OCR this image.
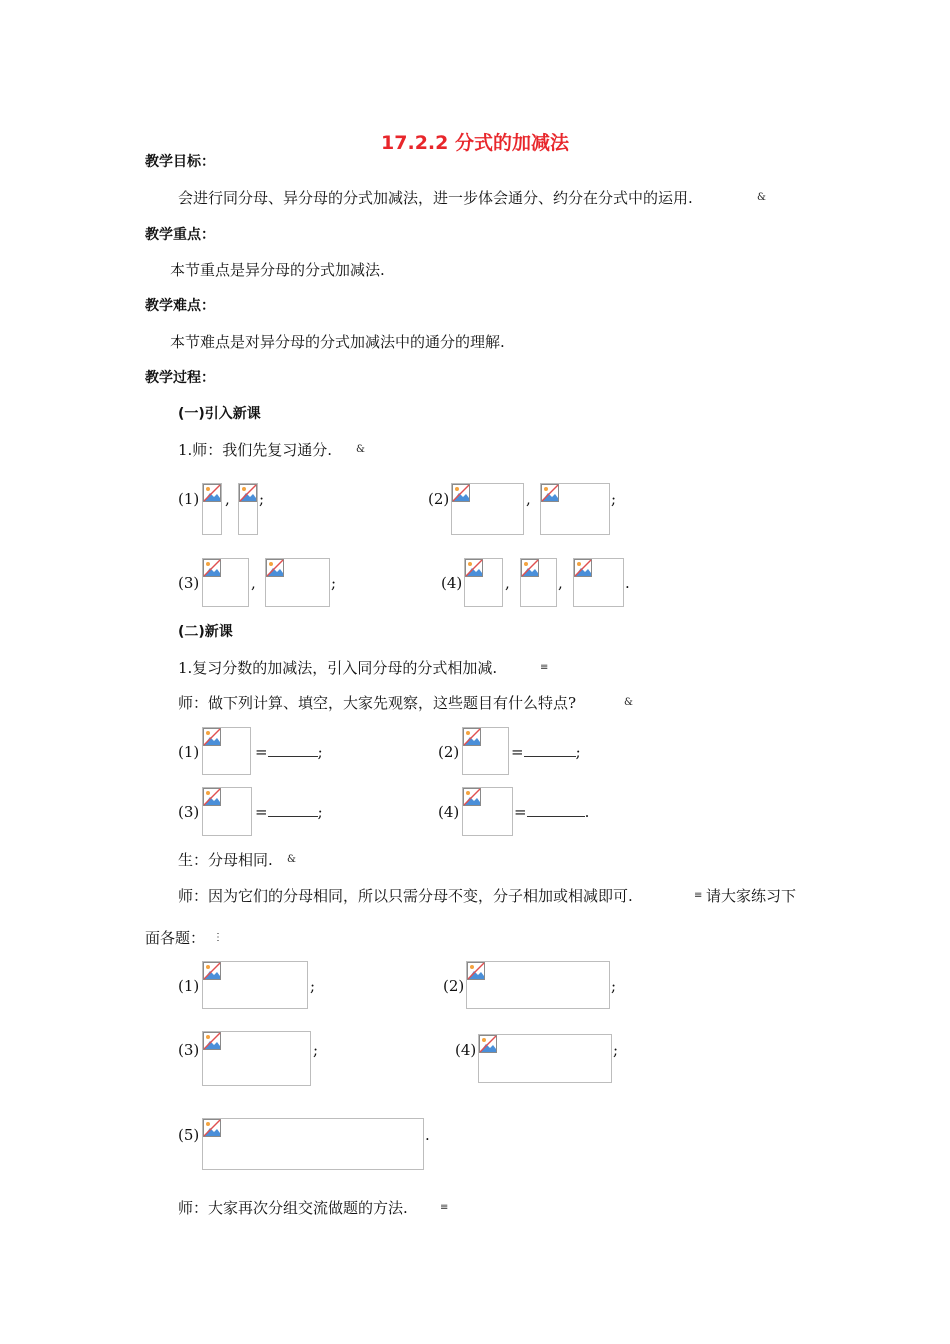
17.2.2 分式的加减法
教学目标：
会进行同分母、异分母的分式加减法，进一步体会通分、约分在分式中的运用.	&
教学重点：
本节重点是异分母的分式加减法.
教学难点：
本节难点是对异分母的分式加减法中的通分的理解.
教学过程：
(一)引入新课
1.师：我们先复习通分. &
(1) , ;	(2)	,	;
(3)	,	;	(4)	,	,	.
(二)新课
1.复习分数的加减法，引入同分母的分式相加减.	≡
师：做下列计算、填空，大家先观察，这些题目有什么特点?	&
(1)	=	;	(2)	=	;
(3)	=	;	(4)	=	.
生：分母相同. &
师：因为它们的分母相同，所以只需分母不变，分子相加或相减即可.	≡ 请大家练习下
面各题： ⋮
(1)	;	(2)	;
(3)	;	(4)	;
(5)	.
师：大家再次分组交流做题的方法.	≡
